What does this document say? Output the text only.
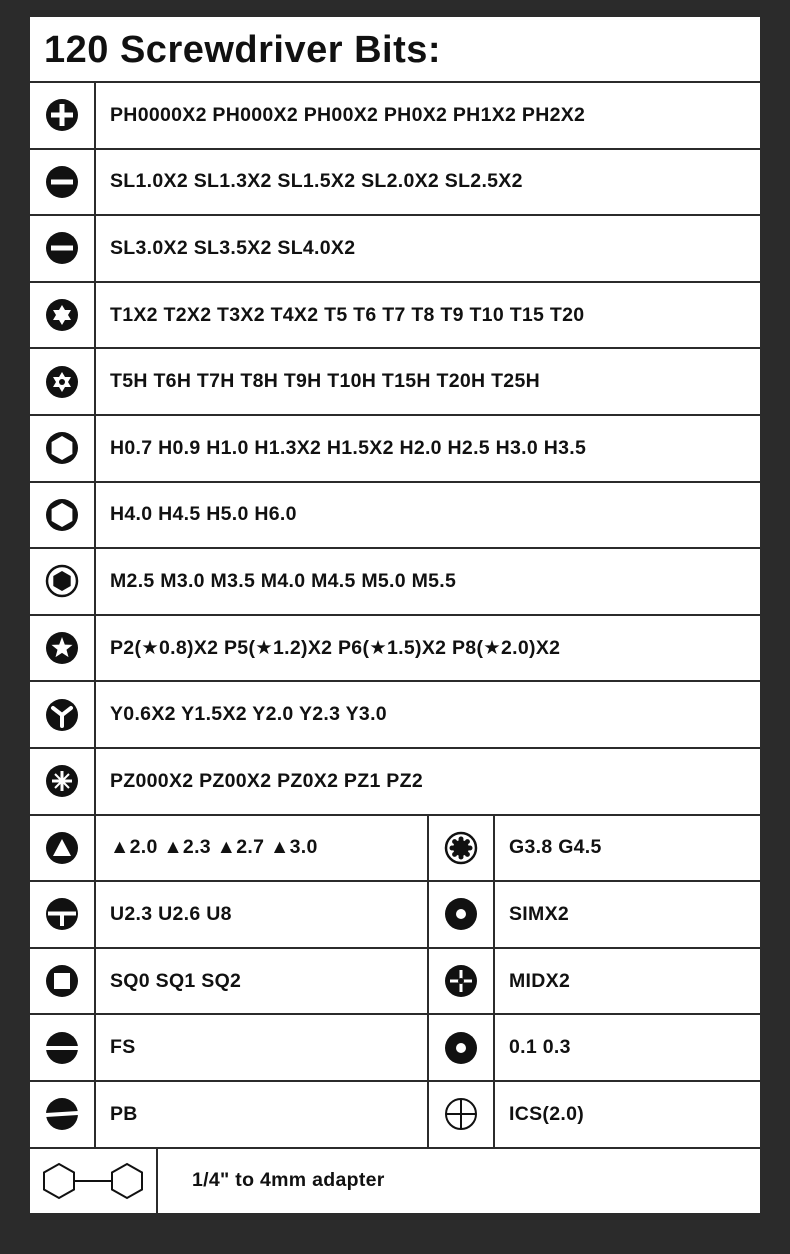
120 Screwdriver Bits:
PH0000X2 PH000X2 PH00X2 PH0X2 PH1X2 PH2X2
SL1.0X2 SL1.3X2 SL1.5X2 SL2.0X2 SL2.5X2
SL3.0X2 SL3.5X2 SL4.0X2
T1X2 T2X2 T3X2 T4X2 T5 T6 T7 T8 T9 T10 T15 T20
T5H T6H T7H T8H T9H T10H T15H T20H T25H
H0.7 H0.9 H1.0 H1.3X2 H1.5X2 H2.0 H2.5 H3.0 H3.5
H4.0 H4.5 H5.0 H6.0
M2.5 M3.0 M3.5 M4.0 M4.5 M5.0 M5.5
P2(★0.8)X2 P5(★1.2)X2 P6(★1.5)X2 P8(★2.0)X2
Y0.6X2 Y1.5X2 Y2.0 Y2.3 Y3.0
PZ000X2 PZ00X2 PZ0X2 PZ1 PZ2
▲2.0 ▲2.3 ▲2.7 ▲3.0	G3.8 G4.5
U2.3 U2.6 U8	SIMX2
SQ0 SQ1 SQ2	MIDX2
FS	0.1 0.3
PB	ICS(2.0)
1/4" to 4mm adapter
